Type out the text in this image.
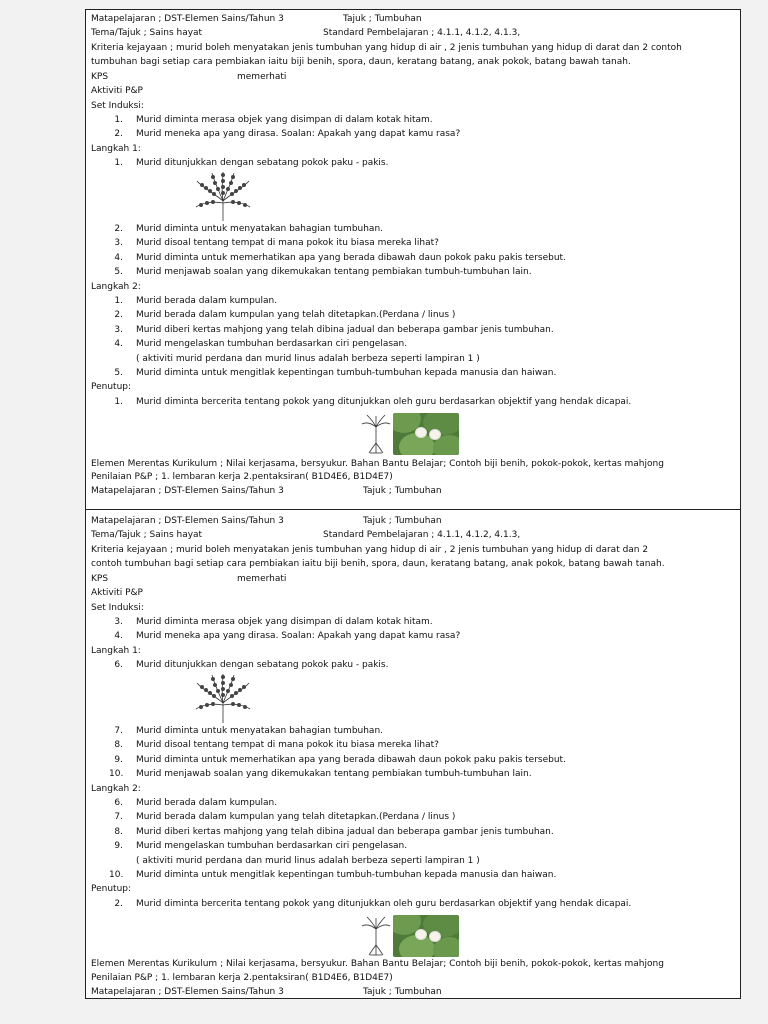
Matapelajaran ; DST-Elemen Sains/Tahun 3	Tajuk ; Tumbuhan
Tema/Tajuk ; Sains hayat	Standard Pembelajaran ; 4.1.1, 4.1.2, 4.1.3,
Kriteria kejayaan ; murid boleh menyatakan jenis tumbuhan yang hidup di air , 2 jenis tumbuhan yang hidup di darat dan 2 contoh
tumbuhan bagi setiap cara pembiakan iaitu biji benih, spora, daun, keratang batang, anak pokok, batang bawah tanah.
KPS	memerhati
Aktiviti P&P
Set Induksi:
1. Murid diminta merasa objek yang disimpan di dalam kotak hitam.
2. Murid meneka apa yang dirasa. Soalan: Apakah yang dapat kamu rasa?
Langkah 1:
1. Murid ditunjukkan dengan sebatang pokok paku - pakis.
2. Murid diminta untuk menyatakan bahagian tumbuhan.
3. Murid disoal tentang tempat di mana pokok itu biasa mereka lihat?
4. Murid diminta untuk memerhatikan apa yang berada dibawah daun pokok paku pakis tersebut.
5. Murid menjawab soalan yang dikemukakan tentang pembiakan tumbuh-tumbuhan lain.
Langkah 2:
1. Murid berada dalam kumpulan.
2. Murid berada dalam kumpulan yang telah ditetapkan.(Perdana / linus )
3. Murid diberi kertas mahjong yang telah dibina jadual dan beberapa gambar jenis tumbuhan.
4. Murid mengelaskan tumbuhan berdasarkan ciri pengelasan.
( aktiviti murid perdana dan murid linus adalah berbeza seperti lampiran 1 )
5. Murid diminta untuk mengitlak kepentingan tumbuh-tumbuhan kepada manusia dan haiwan.
Penutup:
1. Murid diminta bercerita tentang pokok yang ditunjukkan oleh guru berdasarkan objektif yang hendak dicapai.
Elemen Merentas Kurikulum ; Nilai kerjasama, bersyukur. Bahan Bantu Belajar; Contoh biji benih, pokok-pokok, kertas mahjong
Penilaian P&P ; 1. lembaran kerja 2.pentaksiran( B1D4E6, B1D4E7)
Matapelajaran ; DST-Elemen Sains/Tahun 3	Tajuk ; Tumbuhan
Matapelajaran ; DST-Elemen Sains/Tahun 3	Tajuk ; Tumbuhan
Tema/Tajuk ; Sains hayat	Standard Pembelajaran ; 4.1.1, 4.1.2, 4.1.3,
Kriteria kejayaan ; murid boleh menyatakan jenis tumbuhan yang hidup di air , 2 jenis tumbuhan yang hidup di darat dan 2
contoh tumbuhan bagi setiap cara pembiakan iaitu biji benih, spora, daun, keratang batang, anak pokok, batang bawah tanah.
KPS	memerhati
Aktiviti P&P
Set Induksi:
3. Murid diminta merasa objek yang disimpan di dalam kotak hitam.
4. Murid meneka apa yang dirasa. Soalan: Apakah yang dapat kamu rasa?
Langkah 1:
6. Murid ditunjukkan dengan sebatang pokok paku - pakis.
7. Murid diminta untuk menyatakan bahagian tumbuhan.
8. Murid disoal tentang tempat di mana pokok itu biasa mereka lihat?
9. Murid diminta untuk memerhatikan apa yang berada dibawah daun pokok paku pakis tersebut.
10. Murid menjawab soalan yang dikemukakan tentang pembiakan tumbuh-tumbuhan lain.
Langkah 2:
6. Murid berada dalam kumpulan.
7. Murid berada dalam kumpulan yang telah ditetapkan.(Perdana / linus )
8. Murid diberi kertas mahjong yang telah dibina jadual dan beberapa gambar jenis tumbuhan.
9. Murid mengelaskan tumbuhan berdasarkan ciri pengelasan.
( aktiviti murid perdana dan murid linus adalah berbeza seperti lampiran 1 )
10. Murid diminta untuk mengitlak kepentingan tumbuh-tumbuhan kepada manusia dan haiwan.
Penutup:
2. Murid diminta bercerita tentang pokok yang ditunjukkan oleh guru berdasarkan objektif yang hendak dicapai.
Elemen Merentas Kurikulum ; Nilai kerjasama, bersyukur. Bahan Bantu Belajar; Contoh biji benih, pokok-pokok, kertas mahjong
Penilaian P&P ; 1. lembaran kerja 2.pentaksiran( B1D4E6, B1D4E7)
Matapelajaran ; DST-Elemen Sains/Tahun 3	Tajuk ; Tumbuhan
